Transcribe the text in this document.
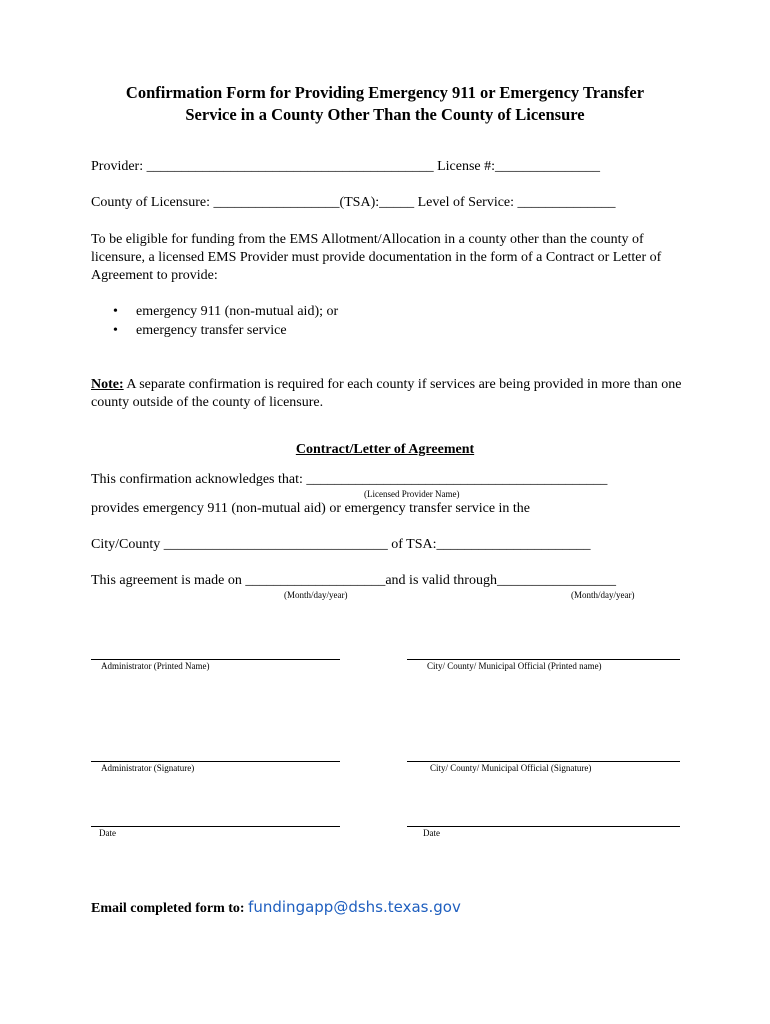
Confirmation Form for Providing Emergency 911 or Emergency Transfer
Service in a County Other Than the County of Licensure
Provider: _________________________________________ License #:_______________
County of Licensure: __________________(TSA):_____ Level of Service: ______________
To be eligible for funding from the EMS Allotment/Allocation in a county other than the county of licensure, a licensed EMS Provider must provide documentation in the form of a Contract or Letter of Agreement to provide:
• emergency 911 (non-mutual aid); or
• emergency transfer service
Note: A separate confirmation is required for each county if services are being provided in more than one county outside of the county of licensure.
Contract/Letter of Agreement
This confirmation acknowledges that: ___________________________________________
(Licensed Provider Name)
provides emergency 911 (non-mutual aid) or emergency transfer service in the
City/County ________________________________ of TSA:______________________
This agreement is made on ____________________and is valid through_________________
(Month/day/year)	(Month/day/year)
Administrator (Printed Name)	City/ County/ Municipal Official (Printed name)
Administrator (Signature)	City/ County/ Municipal Official (Signature)
Date	Date
Email completed form to: fundingapp@dshs.texas.gov
